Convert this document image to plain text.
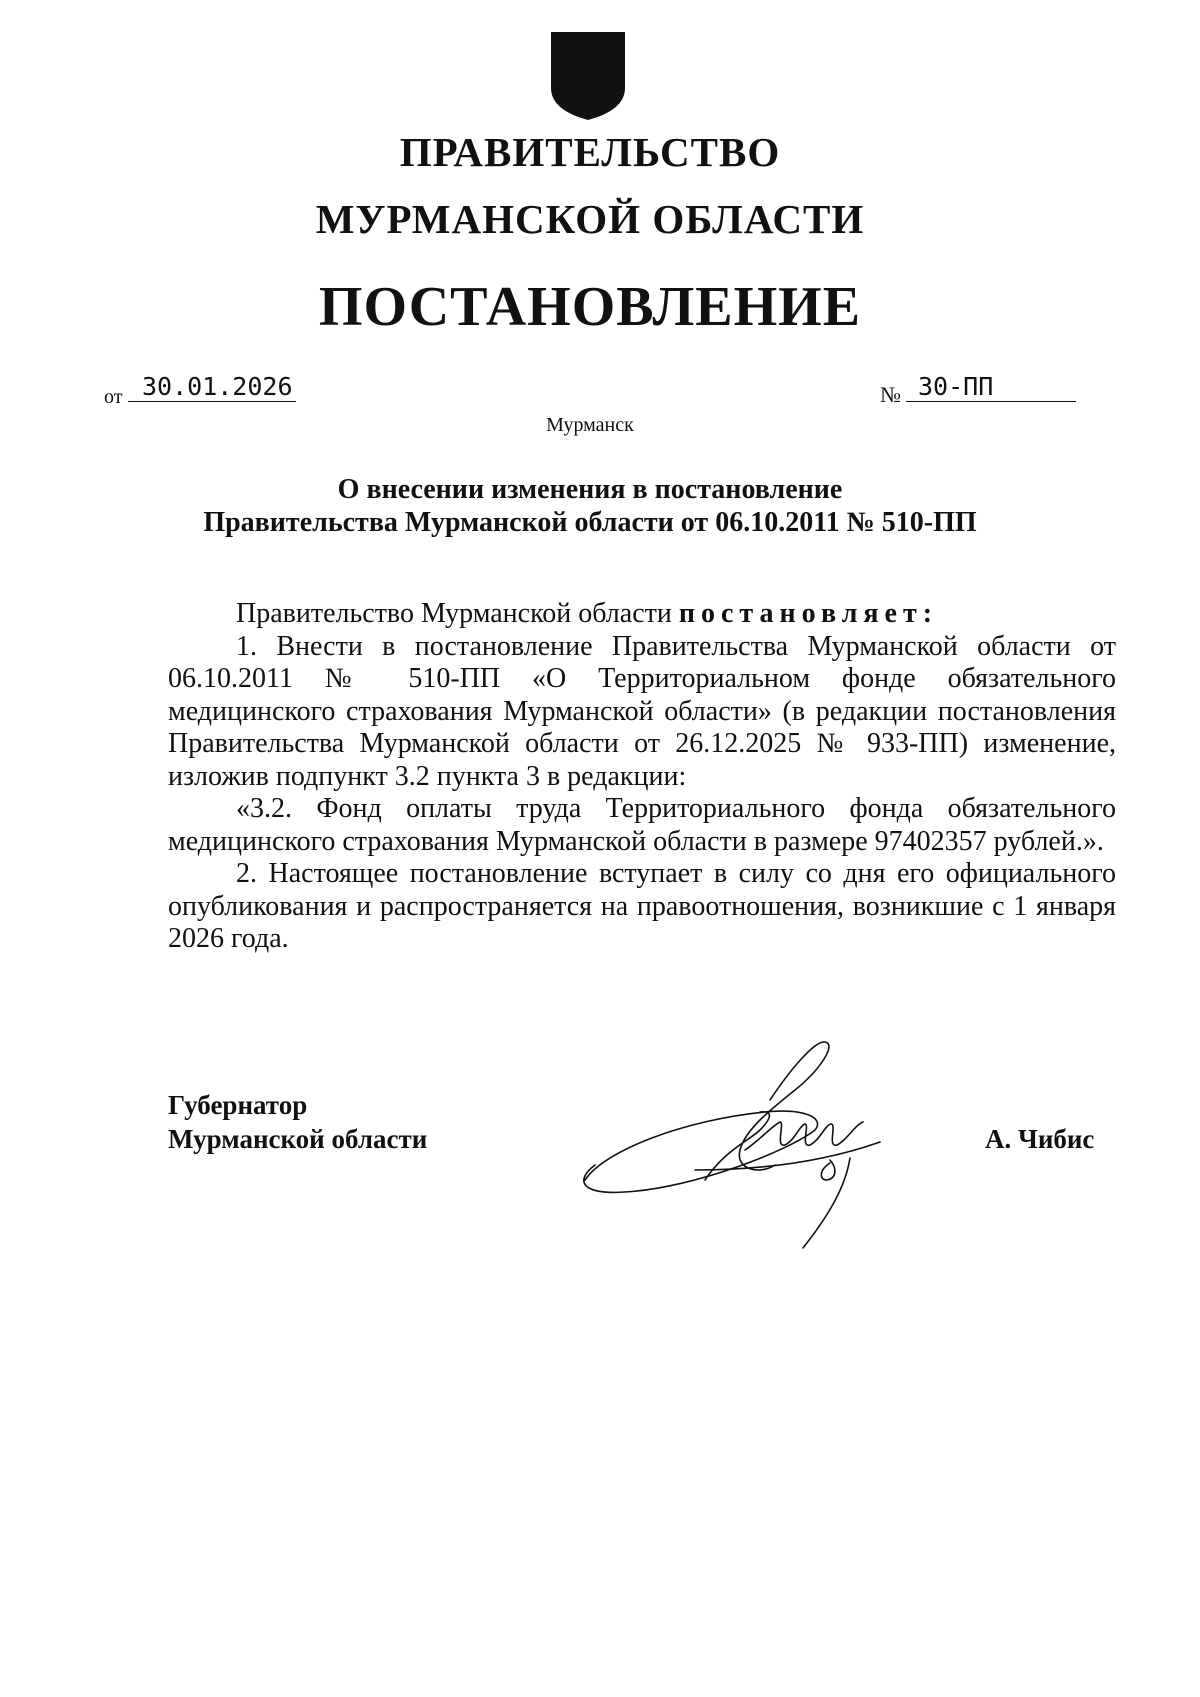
ПРАВИТЕЛЬСТВО
МУРМАНСКОЙ ОБЛАСТИ
ПОСТАНОВЛЕНИЕ
от 30.01.2026	№ 30-ПП
Мурманск
О внесении изменения в постановление
Правительства Мурманской области от 06.10.2011 № 510-ПП

Правительство Мурманской области постановляет:

1. Внести в постановление Правительства Мурманской области от 06.10.2011 № 510-ПП «О Территориальном фонде обязательного медицинского страхования Мурманской области» (в редакции постановления Правительства Мурманской области от 26.12.2025 № 933-ПП) изменение, изложив подпункт 3.2 пункта 3 в редакции:

«3.2. Фонд оплаты труда Территориального фонда обязательного медицинского страхования Мурманской области в размере 97402357 рублей.».

2. Настоящее постановление вступает в силу со дня его официального опубликования и распространяется на правоотношения, возникшие с 1 января 2026 года.

Губернатор
Мурманской области	А. Чибис
